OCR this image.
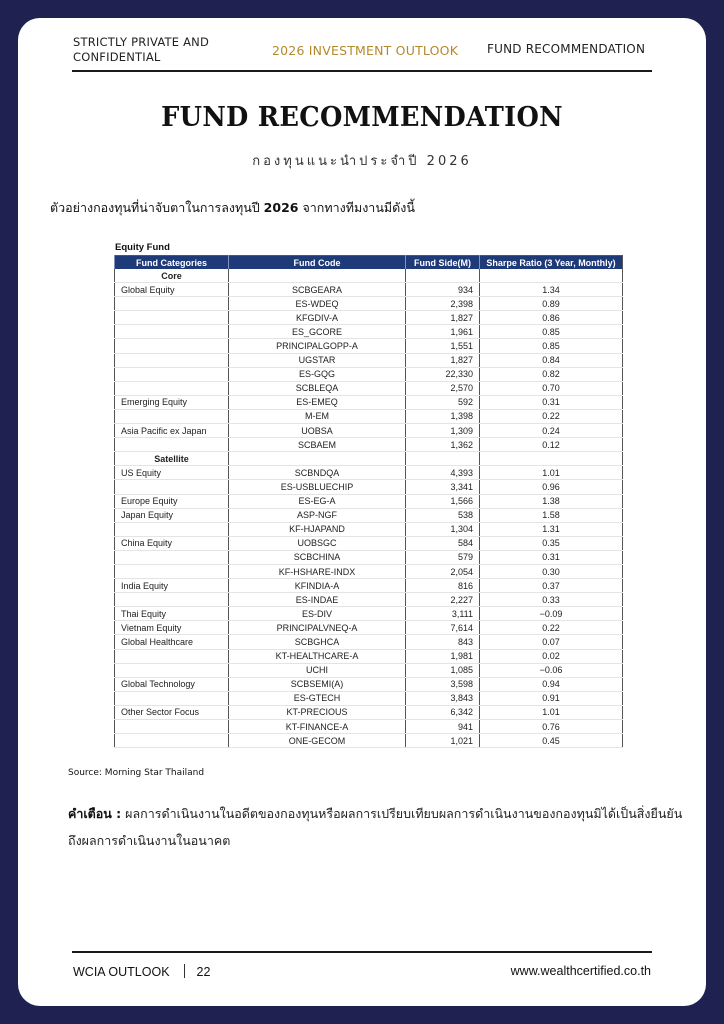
STRICTLY PRIVATE AND
CONFIDENTIAL	2026 INVESTMENT OUTLOOK FUND RECOMMENDATION
FUND RECOMMENDATION
กองทุนแนะนำประจำปี 2026
ตัวอย่างกองทุนที่น่าจับตาในการลงทุนปี 2026 จากทางทีมงานมีดังนี้
Equity Fund
Fund Categories	Fund Code	Fund Side(M)	Sharpe Ratio (3 Year, Monthly)
Core			
Global Equity	SCBGEARA	934	1.34
	ES-WDEQ	2,398	0.89
	KFGDIV-A	1,827	0.86
	ES_GCORE	1,961	0.85
	PRINCIPALGOPP-A	1,551	0.85
	UGSTAR	1,827	0.84
	ES-GQG	22,330	0.82
	SCBLEQA	2,570	0.70
Emerging Equity	ES-EMEQ	592	0.31
	M-EM	1,398	0.22
Asia Pacific ex Japan	UOBSA	1,309	0.24
	SCBAEM	1,362	0.12
Satellite			
US Equity	SCBNDQA	4,393	1.01
	ES-USBLUECHIP	3,341	0.96
Europe Equity	ES-EG-A	1,566	1.38
Japan Equity	ASP-NGF	538	1.58
	KF-HJAPAND	1,304	1.31
China Equity	UOBSGC	584	0.35
	SCBCHINA	579	0.31
	KF-HSHARE-INDX	2,054	0.30
India Equity	KFINDIA-A	816	0.37
	ES-INDAE	2,227	0.33
Thai Equity	ES-DIV	3,111	−0.09
Vietnam Equity	PRINCIPALVNEQ-A	7,614	0.22
Global Healthcare	SCBGHCA	843	0.07
	KT-HEALTHCARE-A	1,981	0.02
	UCHI	1,085	−0.06
Global Technology	SCBSEMI(A)	3,598	0.94
	ES-GTECH	3,843	0.91
Other Sector Focus	KT-PRECIOUS	6,342	1.01
	KT-FINANCE-A	941	0.76
	ONE-GECOM	1,021	0.45
Source: Morning Star Thailand
คำเตือน : ผลการดำเนินงานในอดีตของกองทุนหรือผลการเปรียบเทียบผลการดำเนินงานของกองทุนมิได้เป็นสิ่งยืนยันถึงผลการดำเนินงานในอนาคต
WCIA OUTLOOK 22	www.wealthcertified.co.th
